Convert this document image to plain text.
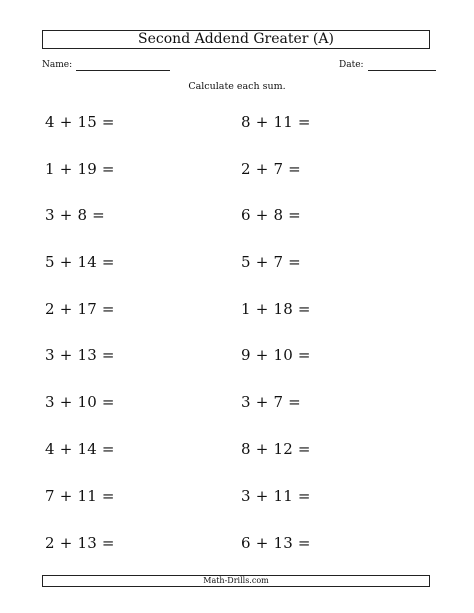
Second Addend Greater (A)
Name:	Date:
Calculate each sum.
4 + 15 =
1 + 19 =
3 + 8 =
5 + 14 =
2 + 17 =
3 + 13 =
3 + 10 =
4 + 14 =
7 + 11 =
2 + 13 =
8 + 11 =
2 + 7 =
6 + 8 =
5 + 7 =
1 + 18 =
9 + 10 =
3 + 7 =
8 + 12 =
3 + 11 =
6 + 13 =
Math-Drills.com
